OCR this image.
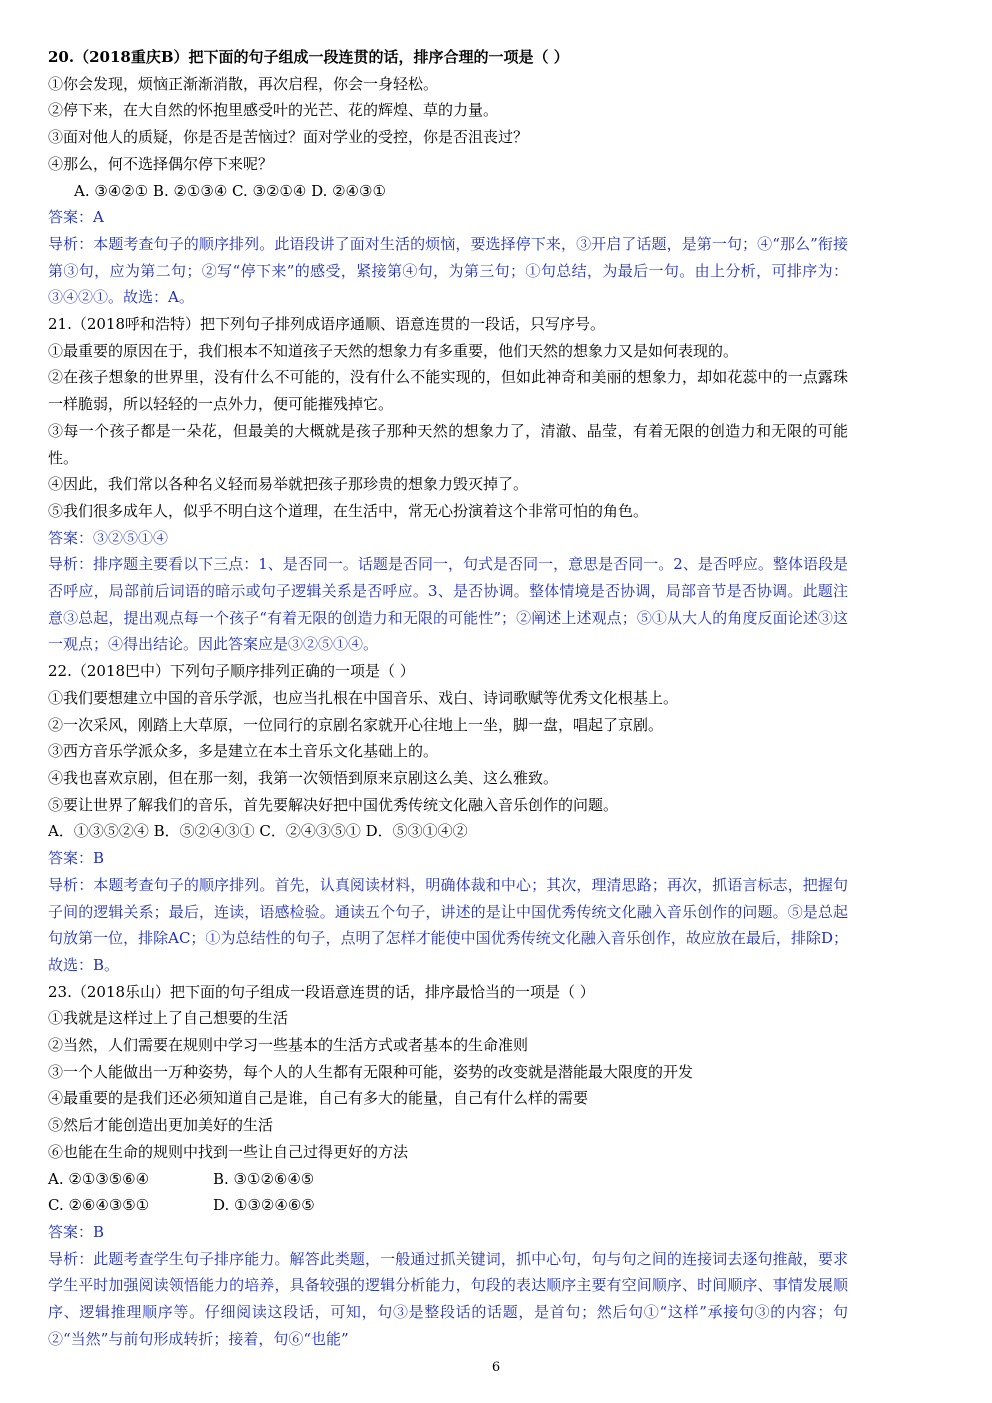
20.（2018重庆B）把下面的句子组成一段连贯的话，排序合理的一项是（ ）
①你会发现，烦恼正渐渐消散，再次启程，你会一身轻松。
②停下来，在大自然的怀抱里感受叶的光芒、花的辉煌、草的力量。
③面对他人的质疑，你是否是苦恼过？面对学业的受控，你是否沮丧过？
④那么，何不选择偶尔停下来呢？
A. ③④②① B. ②①③④ C. ③②①④ D. ②④③①
答案：A
导析：本题考查句子的顺序排列。此语段讲了面对生活的烦恼，要选择停下来，③开启了话题，是第一句；④“那么”衔接第③句，应为第二句；②写“停下来”的感受，紧接第④句，为第三句；①句总结，为最后一句。由上分析，可排序为：③④②①。故选：A。
21.（2018呼和浩特）把下列句子排列成语序通顺、语意连贯的一段话，只写序号。
①最重要的原因在于，我们根本不知道孩子天然的想象力有多重要，他们天然的想象力又是如何表现的。
②在孩子想象的世界里，没有什么不可能的，没有什么不能实现的，但如此神奇和美丽的想象力，却如花蕊中的一点露珠一样脆弱，所以轻轻的一点外力，便可能摧残掉它。
③每一个孩子都是一朵花，但最美的大概就是孩子那种天然的想象力了，清澈、晶莹，有着无限的创造力和无限的可能性。
④因此，我们常以各种名义轻而易举就把孩子那珍贵的想象力毁灭掉了。
⑤我们很多成年人，似乎不明白这个道理，在生活中，常无心扮演着这个非常可怕的角色。
答案：③②⑤①④
导析：排序题主要看以下三点：1、是否同一。话题是否同一，句式是否同一，意思是否同一。2、是否呼应。整体语段是否呼应，局部前后词语的暗示或句子逻辑关系是否呼应。3、是否协调。整体情境是否协调，局部音节是否协调。此题注意③总起，提出观点每一个孩子“有着无限的创造力和无限的可能性”；②阐述上述观点；⑤①从大人的角度反面论述③这一观点；④得出结论。因此答案应是③②⑤①④。
22.（2018巴中）下列句子顺序排列正确的一项是（ ）
①我们要想建立中国的音乐学派，也应当扎根在中国音乐、戏白、诗词歌赋等优秀文化根基上。
②一次采风，刚踏上大草原，一位同行的京剧名家就开心往地上一坐，脚一盘，唱起了京剧。
③西方音乐学派众多，多是建立在本土音乐文化基础上的。
④我也喜欢京剧，但在那一刻，我第一次领悟到原来京剧这么美、这么雅致。
⑤要让世界了解我们的音乐，首先要解决好把中国优秀传统文化融入音乐创作的问题。
A．①③⑤②④ B．⑤②④③① C．②④③⑤① D．⑤③①④②
答案：B
导析：本题考查句子的顺序排列。首先，认真阅读材料，明确体裁和中心；其次，理清思路；再次，抓语言标志，把握句子间的逻辑关系；最后，连读，语感检验。通读五个句子，讲述的是让中国优秀传统文化融入音乐创作的问题。⑤是总起句放第一位，排除AC；①为总结性的句子，点明了怎样才能使中国优秀传统文化融入音乐创作，故应放在最后，排除D；故选：B。
23.（2018乐山）把下面的句子组成一段语意连贯的话，排序最恰当的一项是（ ）
①我就是这样过上了自己想要的生活
②当然，人们需要在规则中学习一些基本的生活方式或者基本的生命准则
③一个人能做出一万种姿势，每个人的人生都有无限种可能，姿势的改变就是潜能最大限度的开发
④最重要的是我们还必须知道自己是谁，自己有多大的能量，自己有什么样的需要
⑤然后才能创造出更加美好的生活
⑥也能在生命的规则中找到一些让自己过得更好的方法
A. ②①③⑤⑥④	B. ③①②⑥④⑤
C. ②⑥④③⑤①	D. ①③②④⑥⑤
答案：B
导析：此题考查学生句子排序能力。解答此类题，一般通过抓关键词，抓中心句，句与句之间的连接词去逐句推敲，要求学生平时加强阅读领悟能力的培养，具备较强的逻辑分析能力，句段的表达顺序主要有空间顺序、时间顺序、事情发展顺序、逻辑推理顺序等。仔细阅读这段话，可知，句③是整段话的话题，是首句；然后句①“这样”承接句③的内容；句②“当然”与前句形成转折；接着，句⑥“也能”
6
